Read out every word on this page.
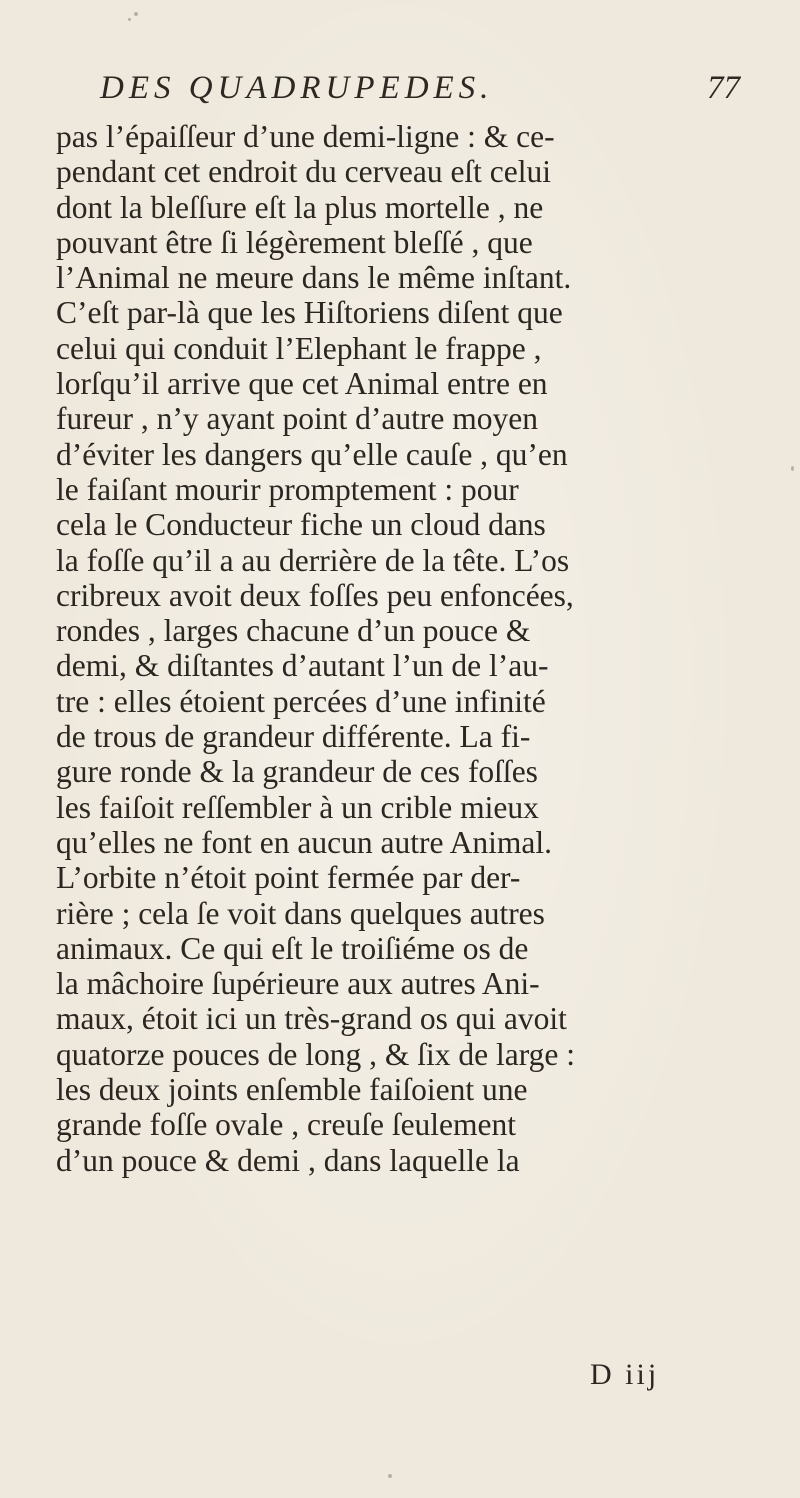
DES QUADRUPEDES.	77
pas l’épaiſſeur d’une demi-ligne : & ce-
pendant cet endroit du cerveau eſt celui
dont la bleſſure eſt la plus mortelle , ne
pouvant être ſi légèrement bleſſé , que
l’Animal ne meure dans le même inſtant.
C’eſt par-là que les Hiſtoriens diſent que
celui qui conduit l’Elephant le frappe ,
lorſqu’il arrive que cet Animal entre en
fureur , n’y ayant point d’autre moyen
d’éviter les dangers qu’elle cauſe , qu’en
le faiſant mourir promptement : pour
cela le Conducteur fiche un cloud dans
la foſſe qu’il a au derrière de la tête. L’os
cribreux avoit deux foſſes peu enfoncées,
rondes , larges chacune d’un pouce &
demi, & diſtantes d’autant l’un de l’au-
tre : elles étoient percées d’une infinité
de trous de grandeur différente. La fi-
gure ronde & la grandeur de ces foſſes
les faiſoit reſſembler à un crible mieux
qu’elles ne font en aucun autre Animal.
L’orbite n’étoit point fermée par der-
rière ; cela ſe voit dans quelques autres
animaux. Ce qui eſt le troiſiéme os de
la mâchoire ſupérieure aux autres Ani-
maux, étoit ici un très-grand os qui avoit
quatorze pouces de long , & ſix de large :
les deux joints enſemble faiſoient une
grande foſſe ovale , creuſe ſeulement
d’un pouce & demi , dans laquelle la
D iij
